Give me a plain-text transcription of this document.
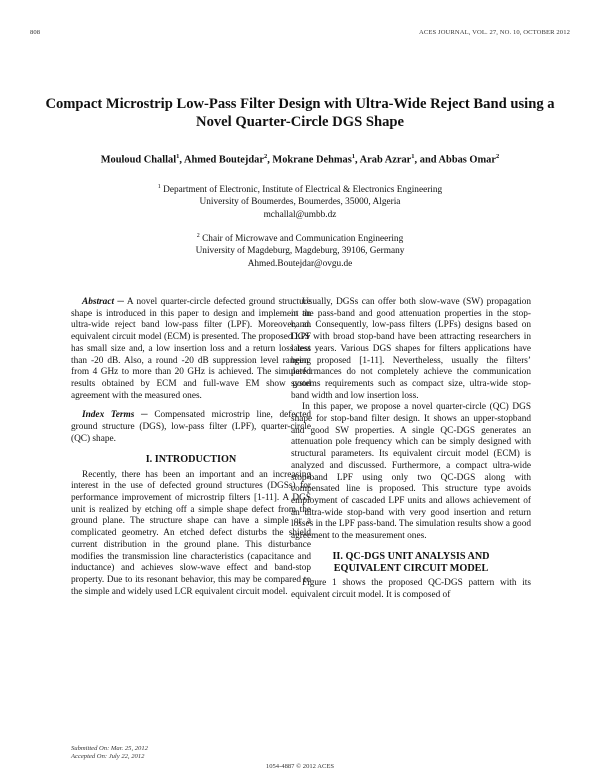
808	ACES JOURNAL, VOL. 27, NO. 10, OCTOBER 2012
Compact Microstrip Low-Pass Filter Design with Ultra-Wide Reject Band using a Novel Quarter-Circle DGS Shape
Mouloud Challal$^1$, Ahmed Boutejdar$^2$, Mokrane Dehmas$^1$, Arab Azrar$^1$, and Abbas Omar$^2$
$^1$ Department of Electronic, Institute of Electrical & Electronics Engineering
University of Boumerdes, Boumerdes, 35000, Algeria
mchallal@umbb.dz
$^2$ Chair of Microwave and Communication Engineering
University of Magdeburg, Magdeburg, 39106, Germany
Ahmed.Boutejdar@ovgu.de

Abstract ─ A novel quarter-circle defected ground structure shape is introduced in this paper to design and implement an ultra-wide reject band low-pass filter (LPF). Moreover, an equivalent circuit model (ECM) is presented. The proposed LPF has small size and, a low insertion loss and a return loss less than -20 dB. Also, a round -20 dB suppression level ranging from 4 GHz to more than 20 GHz is achieved. The simulated results obtained by ECM and full-wave EM show good agreement with the measured ones.

Index Terms ─ Compensated microstrip line, defected ground structure (DGS), low-pass filter (LPF), quarter-circle (QC) shape.

I. INTRODUCTION

Recently, there has been an important and an increasing interest in the use of defected ground structures (DGSs) for performance improvement of microstrip filters [1-11]. A DGS unit is realized by etching off a simple shape defect from the ground plane. The structure shape can have a simple or a complicated geometry. An etched defect disturbs the shield current distribution in the ground plane. This disturbance modifies the transmission line characteristics (capacitance and inductance) and achieves slow-wave effect and band-stop property. Due to its resonant behavior, this may be compared to the simple and widely used LCR equivalent circuit model.

Usually, DGSs can offer both slow-wave (SW) propagation in the pass-band and good attenuation properties in the stop-band. Consequently, low-pass filters (LPFs) designs based on DGS with broad stop-band have been attracting researchers in latest years. Various DGS shapes for filters applications have been proposed [1-11]. Nevertheless, usually the filters’ performances do not completely achieve the communication systems requirements such as compact size, ultra-wide stop-band width and low insertion loss.

In this paper, we propose a novel quarter-circle (QC) DGS shape for stop-band filter design. It shows an upper-stopband and good SW properties. A single QC-DGS generates an attenuation pole frequency which can be simply designed with structural parameters. Its equivalent circuit model (ECM) is analyzed and discussed. Furthermore, a compact ultra-wide stop-band LPF using only two QC-DGS along with compensated line is proposed. This structure type avoids employment of cascaded LPF units and allows achievement of an ultra-wide stop-band with very good insertion and return losses in the LPF pass-band. The simulation results show a good agreement to the measurement ones.

II. QC-DGS UNIT ANALYSIS AND
EQUIVALENT CIRCUIT MODEL

Figure 1 shows the proposed QC-DGS pattern with its equivalent circuit model. It is composed of

Submitted On: Mar. 25, 2012
Accepted On: July 22, 2012
1054-4887 © 2012 ACES
